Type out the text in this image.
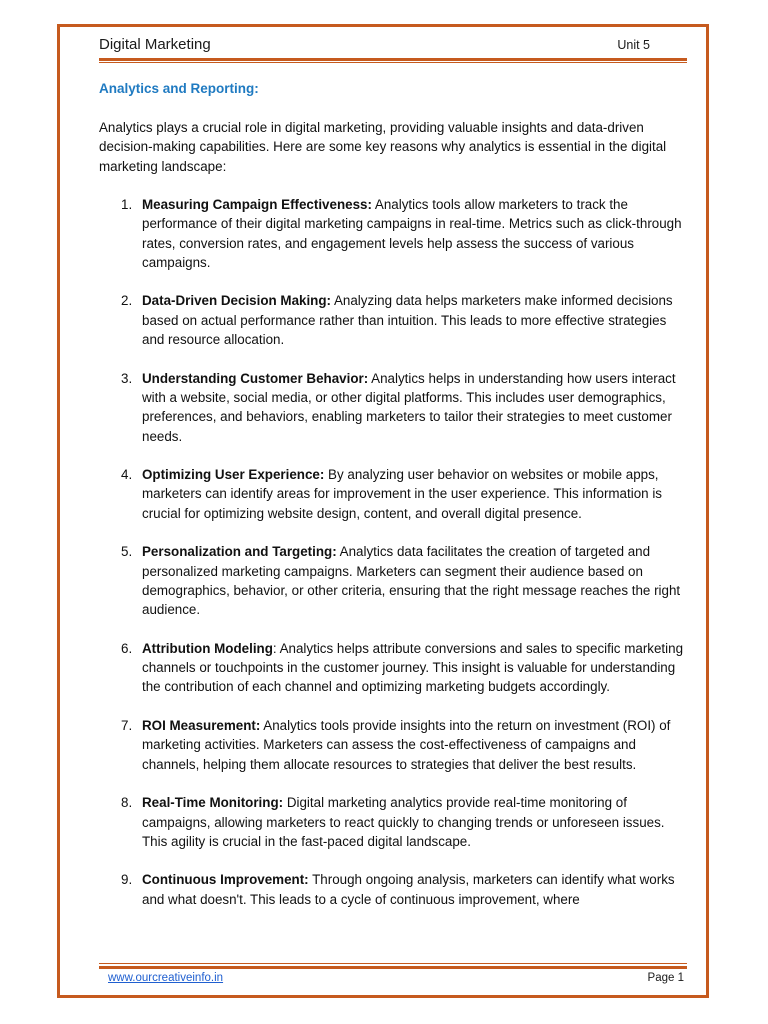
Digital Marketing	Unit 5
Analytics and Reporting:

Analytics plays a crucial role in digital marketing, providing valuable insights and data-driven decision-making capabilities. Here are some key reasons why analytics is essential in the digital marketing landscape:

1. Measuring Campaign Effectiveness: Analytics tools allow marketers to track the performance of their digital marketing campaigns in real-time. Metrics such as click-through rates, conversion rates, and engagement levels help assess the success of various campaigns.
2. Data-Driven Decision Making: Analyzing data helps marketers make informed decisions based on actual performance rather than intuition. This leads to more effective strategies and resource allocation.
3. Understanding Customer Behavior: Analytics helps in understanding how users interact with a website, social media, or other digital platforms. This includes user demographics, preferences, and behaviors, enabling marketers to tailor their strategies to meet customer needs.
4. Optimizing User Experience: By analyzing user behavior on websites or mobile apps, marketers can identify areas for improvement in the user experience. This information is crucial for optimizing website design, content, and overall digital presence.
5. Personalization and Targeting: Analytics data facilitates the creation of targeted and personalized marketing campaigns. Marketers can segment their audience based on demographics, behavior, or other criteria, ensuring that the right message reaches the right audience.
6. Attribution Modeling: Analytics helps attribute conversions and sales to specific marketing channels or touchpoints in the customer journey. This insight is valuable for understanding the contribution of each channel and optimizing marketing budgets accordingly.
7. ROI Measurement: Analytics tools provide insights into the return on investment (ROI) of marketing activities. Marketers can assess the cost-effectiveness of campaigns and channels, helping them allocate resources to strategies that deliver the best results.
8. Real-Time Monitoring: Digital marketing analytics provide real-time monitoring of campaigns, allowing marketers to react quickly to changing trends or unforeseen issues. This agility is crucial in the fast-paced digital landscape.
9. Continuous Improvement: Through ongoing analysis, marketers can identify what works and what doesn't. This leads to a cycle of continuous improvement, where
www.ourcreativeinfo.in	Page 1
